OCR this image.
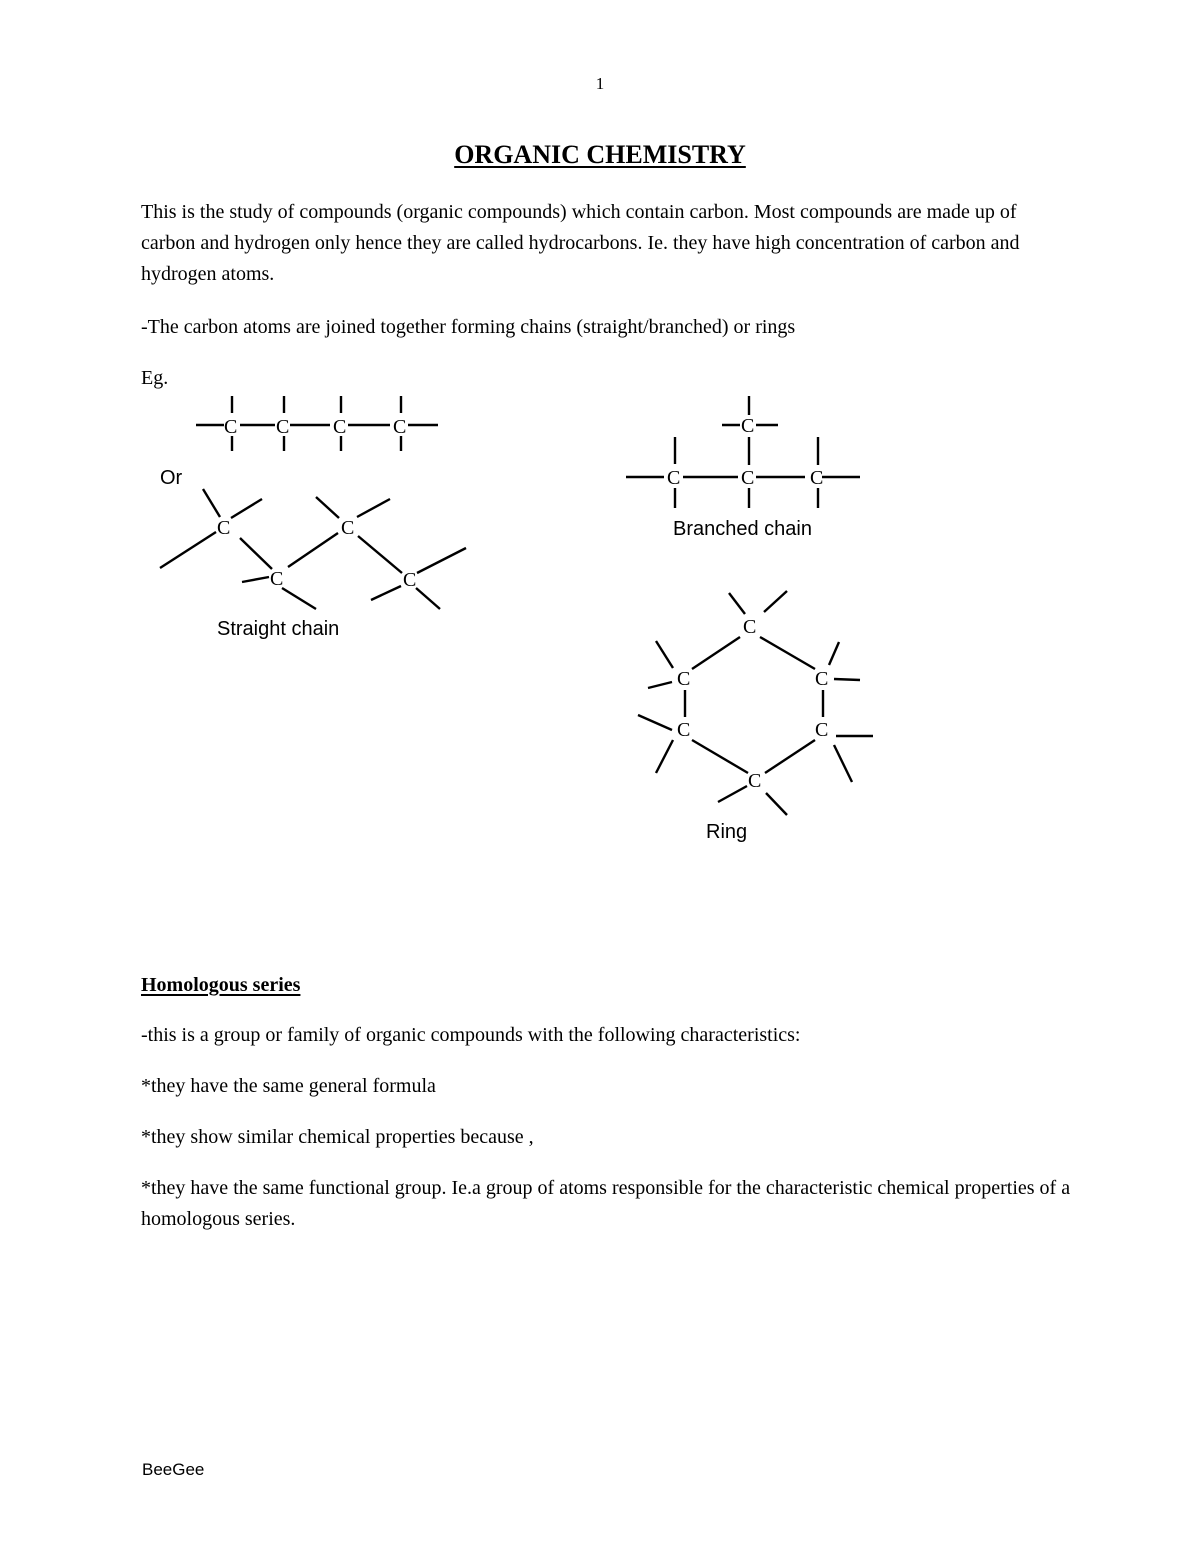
1
ORGANIC CHEMISTRY

This is the study of compounds (organic compounds) which contain carbon. Most compounds are made up of carbon and hydrogen only hence they are called hydrocarbons. Ie. they have high concentration of carbon and hydrogen atoms.

-The carbon atoms are joined together forming chains (straight/branched) or rings

Eg.

C C C C
C	C
C	C
C
C	C	C
C
C	C
C	C
C
Or
Straight chain
Branched chain
Ring

Homologous series

-this is a group or family of organic compounds with the following characteristics:

*they have the same general formula

*they show similar chemical properties because ,

*they have the same functional group. Ie.a group of atoms responsible for the characteristic chemical properties of a homologous series.

BeeGee
